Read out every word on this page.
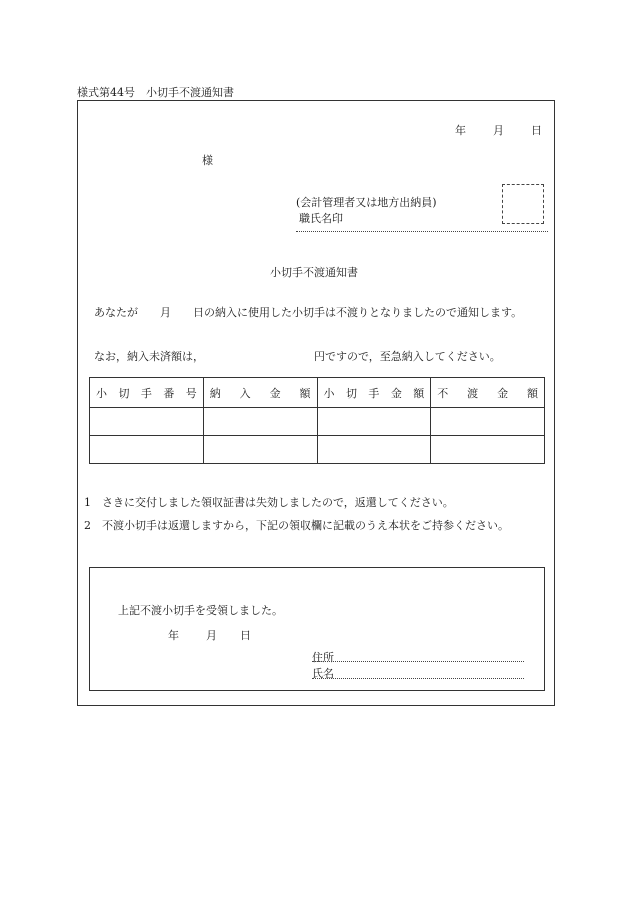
様式第44号　小切手不渡通知書
年 月 日
様
(会計管理者又は地方出納員)
職氏名印
小切手不渡通知書
あなたが 月 日の納入に使用した小切手は不渡りとなりましたので通知します。
なお，納入未済額は，	円ですので，至急納入してください。
小 切 手 番 号	納 入 金 額	小 切 手 金 額	不 渡 金 額

1　さきに交付しました領収証書は失効しましたので，返還してください。
2　不渡小切手は返還しますから，下記の領収欄に記載のうえ本状をご持参ください。
上記不渡小切手を受領しました。
年 月 日
住所
氏名
